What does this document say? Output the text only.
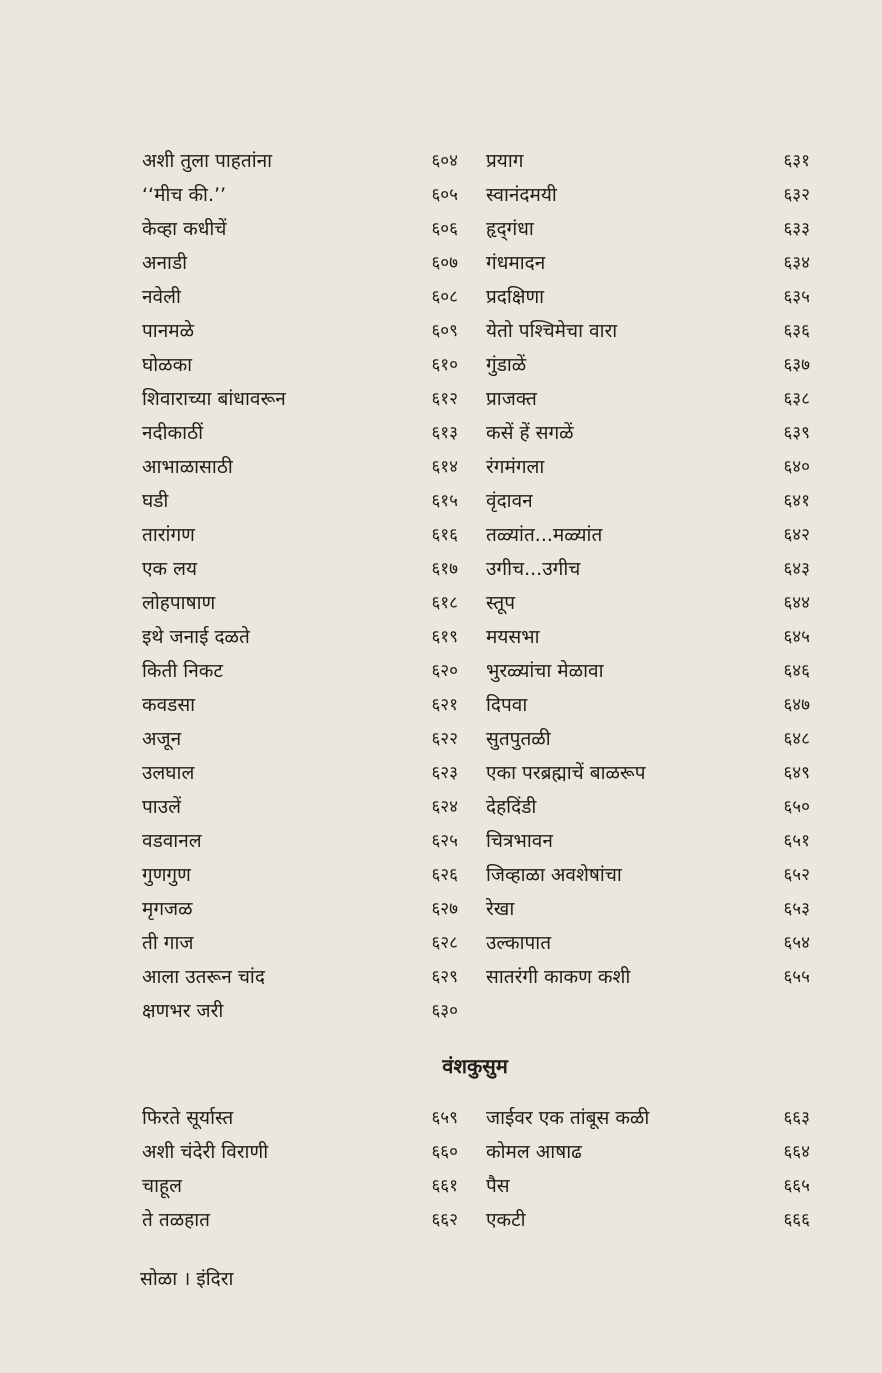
अशी तुला पाहतांना	६०४ प्रयाग	६३१
‘‘मीच की.’’	६०५ स्वानंदमयी	६३२
केव्हा कधीचें	६०६ हृद्‌गंधा	६३३
अनाडी	६०७ गंधमादन	६३४
नवेली	६०८ प्रदक्षिणा	६३५
पानमळे	६०९ येतो पश्चिमेचा वारा	६३६
घोळका	६१० गुंडाळें	६३७
शिवाराच्या बांधावरून	६१२ प्राजक्त	६३८
नदीकाठीं	६१३ कसें हें सगळें	६३९
आभाळासाठी	६१४ रंगमंगला	६४०
घडी	६१५ वृंदावन	६४१
तारांगण	६१६ तळ्यांत...मळ्यांत	६४२
एक लय	६१७ उगीच...उगीच	६४३
लोहपाषाण	६१८ स्तूप	६४४
इथे जनाई दळते	६१९ मयसभा	६४५
किती निकट	६२० भुरळ्यांचा मेळावा	६४६
कवडसा	६२१ दिपवा	६४७
अजून	६२२ सुतपुतळी	६४८
उलघाल	६२३ एका परब्रह्माचें बाळरूप	६४९
पाउलें	६२४ देहदिंडी	६५०
वडवानल	६२५ चित्रभावन	६५१
गुणगुण	६२६ जिव्हाळा अवशेषांचा	६५२
मृगजळ	६२७ रेखा	६५३
ती गाज	६२८ उल्कापात	६५४
आला उतरून चांद	६२९ सातरंगी काकण कशी	६५५
क्षणभर जरी	६३०
वंशकुसुम
फिरते सूर्यास्त	६५९ जाईवर एक तांबूस कळी	६६३
अशी चंदेरी विराणी	६६० कोमल आषाढ	६६४
चाहूल	६६१ पैस	६६५
ते तळहात	६६२ एकटी	६६६
सोळा । इंदिरा
